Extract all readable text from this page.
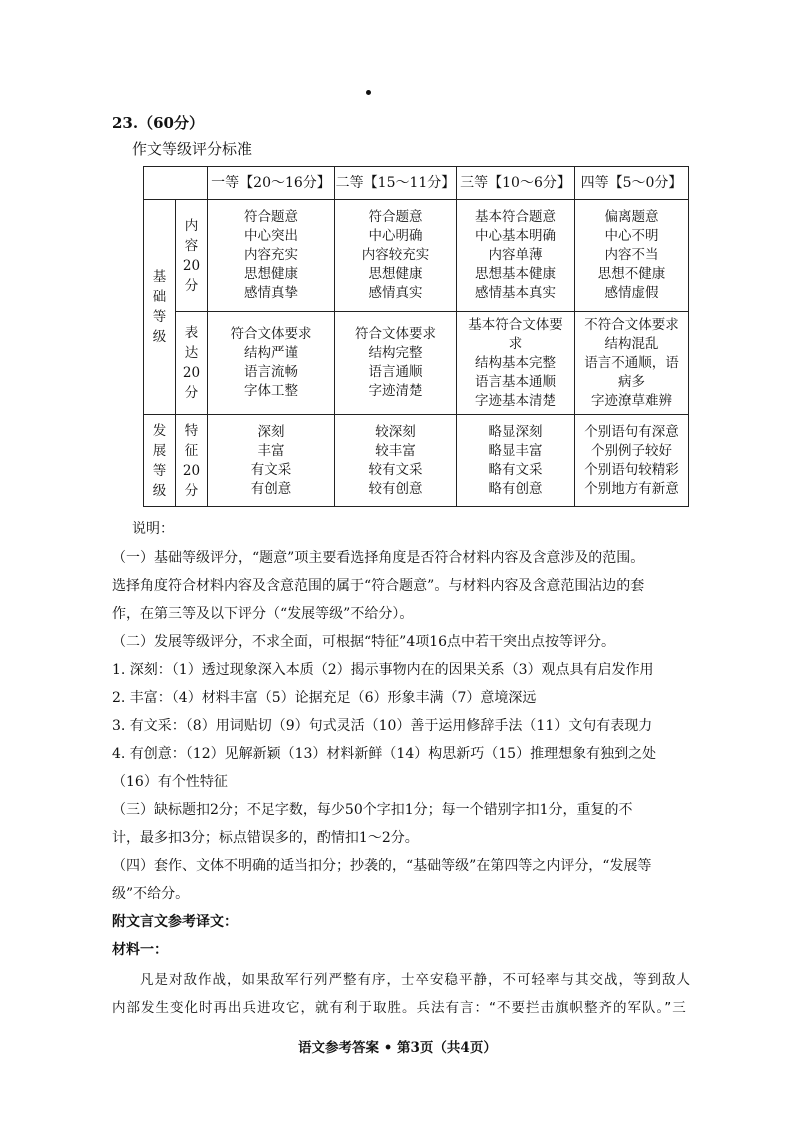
23.（60分）
作文等级评分标准
		一等【20～16分】	二等【15～11分】	三等【10～6分】	四等【5～0分】

基
础
等
级	内
容
20
分	符合题意
中心突出
内容充实
思想健康
感情真挚	符合题意
中心明确
内容较充实
思想健康
感情真实	基本符合题意
中心基本明确
内容单薄
思想基本健康
感情基本真实	偏离题意
中心不明
内容不当
思想不健康
感情虚假

	表
达
20
分	符合文体要求
结构严谨
语言流畅
字体工整	符合文体要求
结构完整
语言通顺
字迹清楚	基本符合文体要
求
结构基本完整
语言基本通顺
字迹基本清楚	不符合文体要求
结构混乱
语言不通顺，语
病多
字迹潦草难辨

发
展
等
级	特
征
20
分	深刻
丰富
有文采
有创意	较深刻
较丰富
较有文采
较有创意	略显深刻
略显丰富
略有文采
略有创意	个别语句有深意
个别例子较好
个别语句较精彩
个别地方有新意
说明：
（一）基础等级评分，“题意”项主要看选择角度是否符合材料内容及含意涉及的范围。
选择角度符合材料内容及含意范围的属于“符合题意”。与材料内容及含意范围沾边的套
作，在第三等及以下评分（“发展等级”不给分）。
（二）发展等级评分，不求全面，可根据“特征”4项16点中若干突出点按等评分。
1. 深刻：（1）透过现象深入本质（2）揭示事物内在的因果关系（3）观点具有启发作用
2. 丰富：（4）材料丰富（5）论据充足（6）形象丰满（7）意境深远
3. 有文采：（8）用词贴切（9）句式灵活（10）善于运用修辞手法（11）文句有表现力
4. 有创意：（12）见解新颖（13）材料新鲜（14）构思新巧（15）推理想象有独到之处
（16）有个性特征
（三）缺标题扣2分；不足字数，每少50个字扣1分；每一个错别字扣1分，重复的不
计，最多扣3分；标点错误多的，酌情扣1～2分。
（四）套作、文体不明确的适当扣分；抄袭的，“基础等级”在第四等之内评分，“发展等
级”不给分。
附文言文参考译文：
材料一：
凡是对敌作战，如果敌军行列严整有序，士卒安稳平静，不可轻率与其交战，等到敌人
内部发生变化时再出兵进攻它，就有利于取胜。兵法有言：“不要拦击旗帜整齐的军队。”三
语文参考答案 • 第3页（共4页）
